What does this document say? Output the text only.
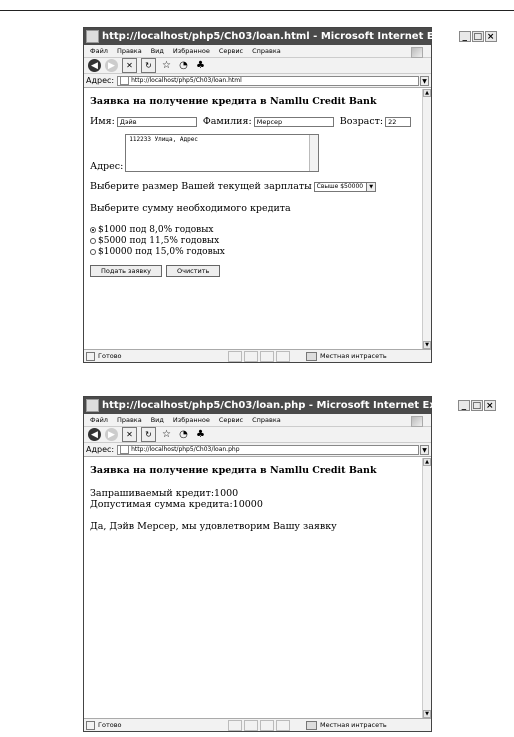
http://localhost/php5/Ch03/loan.html - Microsoft Internet Exp... _ □ ×
Файл Правка Вид Избранное Сервис Справка
◀	▶	✕	↻	☆ ◔ ♣
Адрес:	http://localhost/php5/Ch03/loan.html	▼
Заявка на получение кредита в Namllu Credit Bank
Имя: Дэйв	Фамилия: Мерсер	Возраст: 22
Адрес:
112233 Улица, Адрес
Выберите размер Вашей текущей зарплаты Свыше $50000	▼
Выберите сумму необходимого кредита
$1000 под 8,0% годовых
$5000 под 11,5% годовых
$10000 под 15,0% годовых
Подать заявку	Очистить
▲
▼
Готово	Местная интрасеть
http://localhost/php5/Ch03/loan.php - Microsoft Internet Expl... _ □ ×
Файл Правка Вид Избранное Сервис Справка
◀	▶	✕	↻	☆ ◔ ♣
Адрес:	http://localhost/php5/Ch03/loan.php	▼
Заявка на получение кредита в Namllu Credit Bank

Запрашиваемый кредит:1000

Допустимая сумма кредита:10000

Да, Дэйв Мерсер, мы удовлетворим Вашу заявку

▲
▼
Готово	Местная интрасеть
